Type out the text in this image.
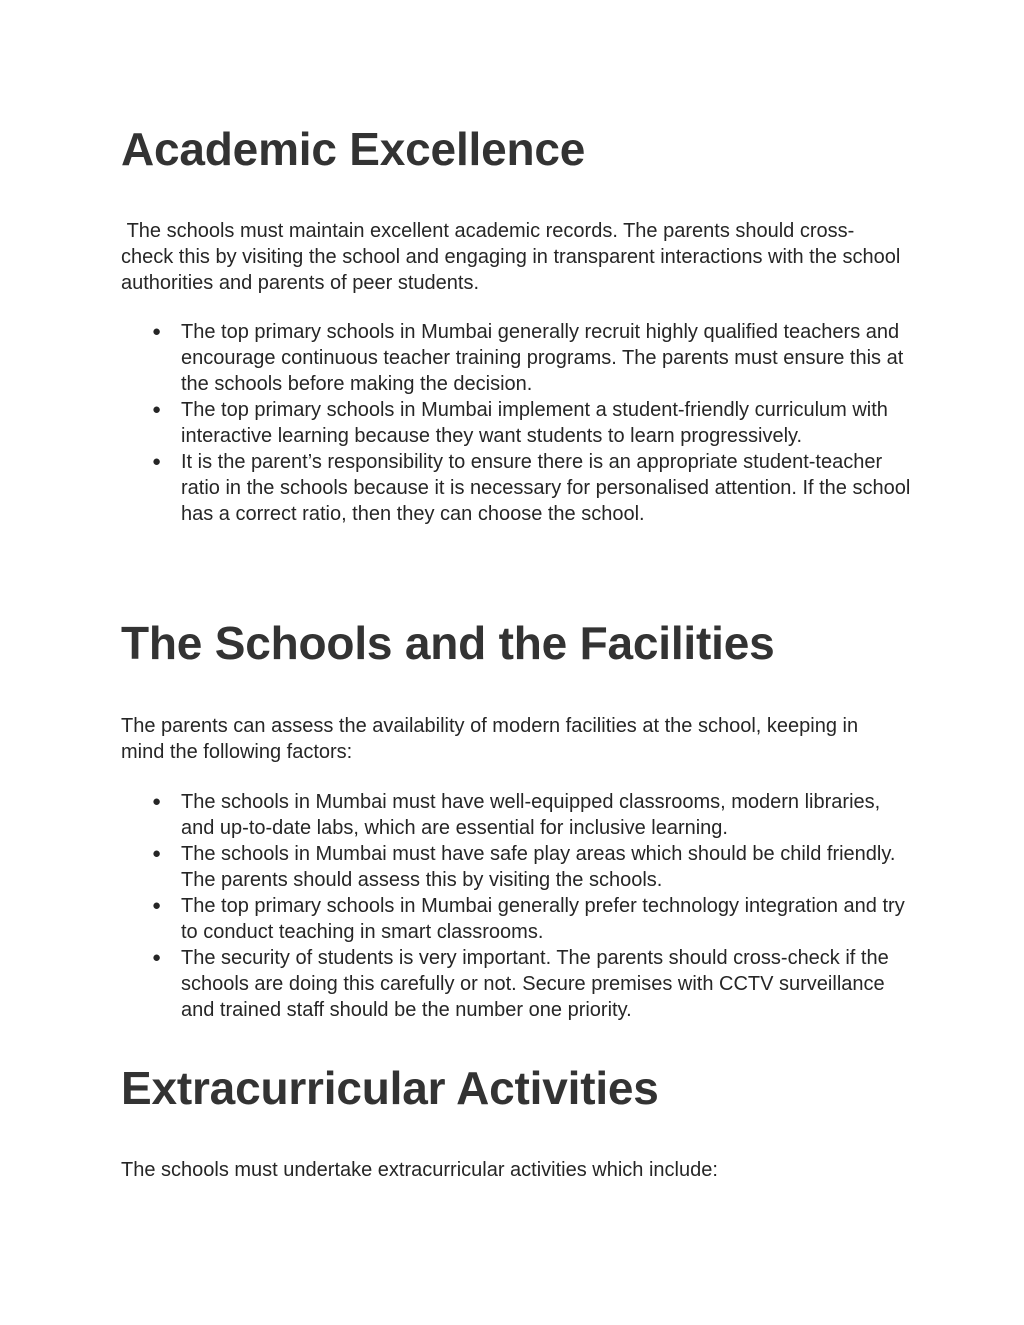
Academic Excellence

The schools must maintain excellent academic records. The parents should cross-check this by visiting the school and engaging in transparent interactions with the school authorities and parents of peer students.

● The top primary schools in Mumbai generally recruit highly qualified teachers and encourage continuous teacher training programs. The parents must ensure this at the schools before making the decision.
● The top primary schools in Mumbai implement a student-friendly curriculum with interactive learning because they want students to learn progressively.
● It is the parent’s responsibility to ensure there is an appropriate student-teacher ratio in the schools because it is necessary for personalised attention. If the school has a correct ratio, then they can choose the school.
The Schools and the Facilities

The parents can assess the availability of modern facilities at the school, keeping in mind the following factors:

● The schools in Mumbai must have well-equipped classrooms, modern libraries, and up-to-date labs, which are essential for inclusive learning.
● The schools in Mumbai must have safe play areas which should be child friendly. The parents should assess this by visiting the schools.
● The top primary schools in Mumbai generally prefer technology integration and try to conduct teaching in smart classrooms.
● The security of students is very important. The parents should cross-check if the schools are doing this carefully or not. Secure premises with CCTV surveillance and trained staff should be the number one priority.
Extracurricular Activities

The schools must undertake extracurricular activities which include:
